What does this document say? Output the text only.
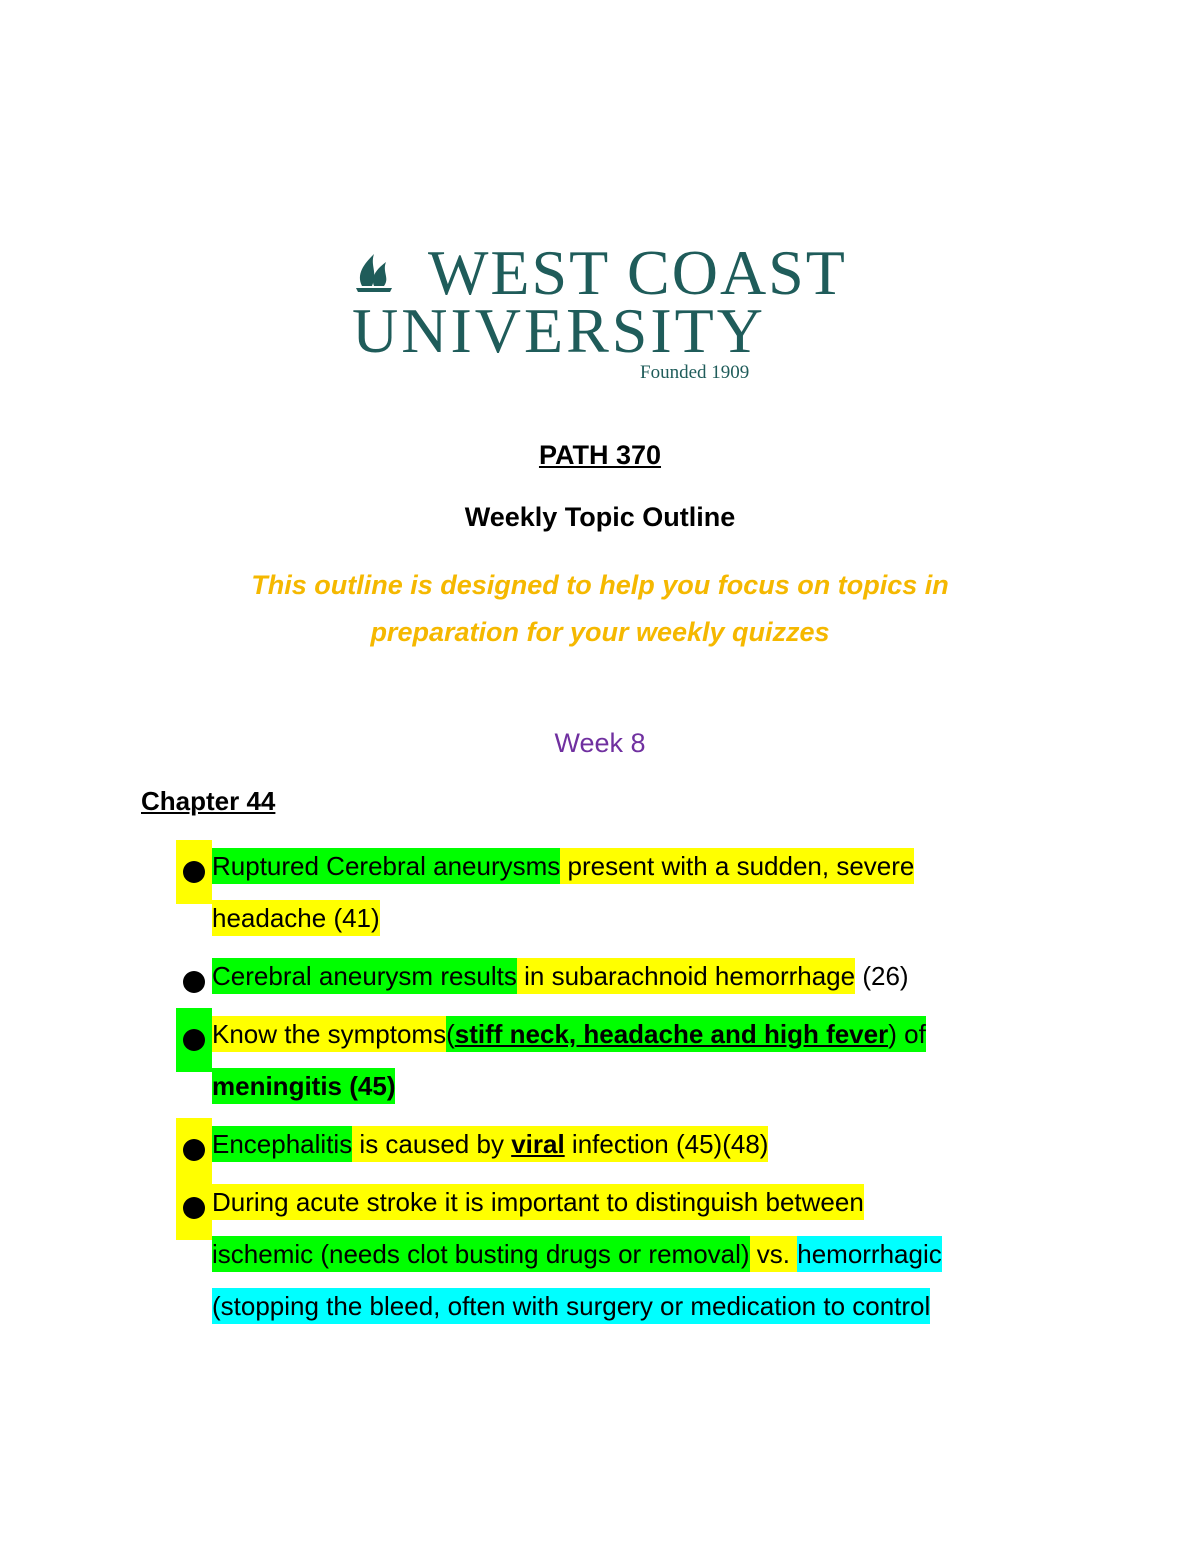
WEST COAST
UNIVERSITY
Founded 1909
PATH 370
Weekly Topic Outline
This outline is designed to help you focus on topics in
preparation for your weekly quizzes
Week 8
Chapter 44
Ruptured Cerebral aneurysms present with a sudden, severe
headache (41)
Cerebral aneurysm results in subarachnoid hemorrhage (26)
Know the symptoms(stiff neck, headache and high fever) of
meningitis (45)
Encephalitis is caused by viral infection (45)(48)
During acute stroke it is important to distinguish between
ischemic (needs clot busting drugs or removal) vs. hemorrhagic
(stopping the bleed, often with surgery or medication to control
